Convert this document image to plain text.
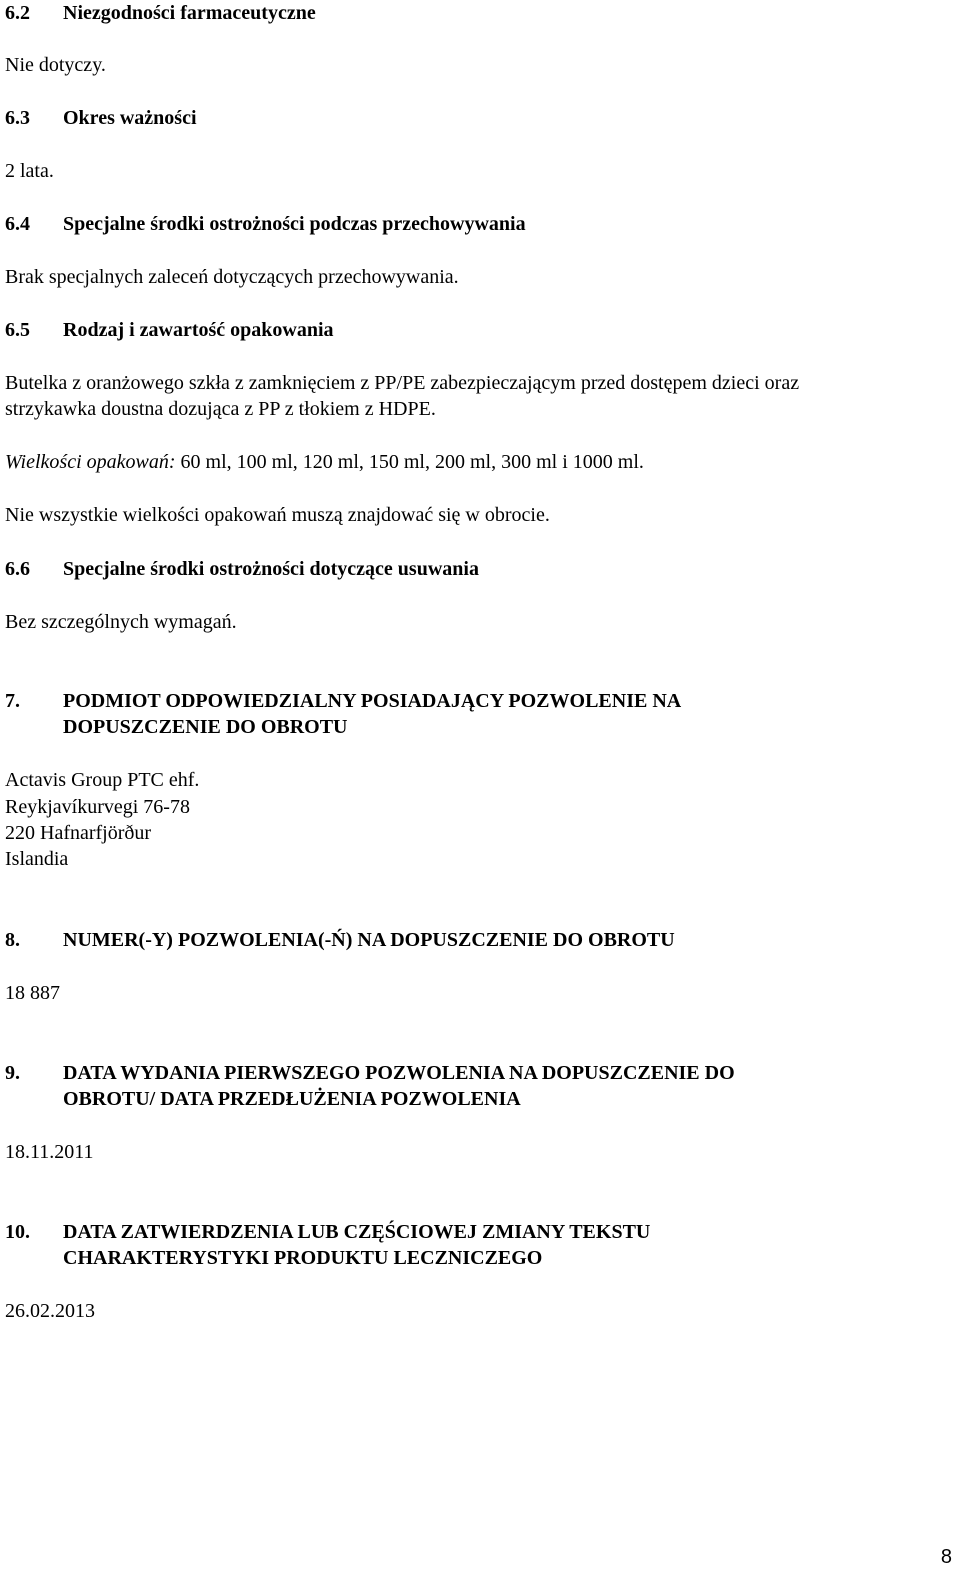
6.2 Niezgodności farmaceutyczne
Nie dotyczy.
6.3 Okres ważności
2 lata.
6.4 Specjalne środki ostrożności podczas przechowywania
Brak specjalnych zaleceń dotyczących przechowywania.
6.5 Rodzaj i zawartość opakowania
Butelka z oranżowego szkła z zamknięciem z PP/PE zabezpieczającym przed dostępem dzieci oraz
strzykawka doustna dozująca z PP z tłokiem z HDPE.
Wielkości opakowań: 60 ml, 100 ml, 120 ml, 150 ml, 200 ml, 300 ml i 1000 ml.
Nie wszystkie wielkości opakowań muszą znajdować się w obrocie.
6.6 Specjalne środki ostrożności dotyczące usuwania
Bez szczególnych wymagań.
7. PODMIOT ODPOWIEDZIALNY POSIADAJĄCY POZWOLENIE NA
DOPUSZCZENIE DO OBROTU
Actavis Group PTC ehf.
Reykjavíkurvegi 76-78
220 Hafnarfjörður
Islandia
8. NUMER(-Y) POZWOLENIA(-Ń) NA DOPUSZCZENIE DO OBROTU
18 887
9. DATA WYDANIA PIERWSZEGO POZWOLENIA NA DOPUSZCZENIE DO
OBROTU/ DATA PRZEDŁUŻENIA POZWOLENIA
18.11.2011
10. DATA ZATWIERDZENIA LUB CZĘŚCIOWEJ ZMIANY TEKSTU
CHARAKTERYSTYKI PRODUKTU LECZNICZEGO
26.02.2013
8
